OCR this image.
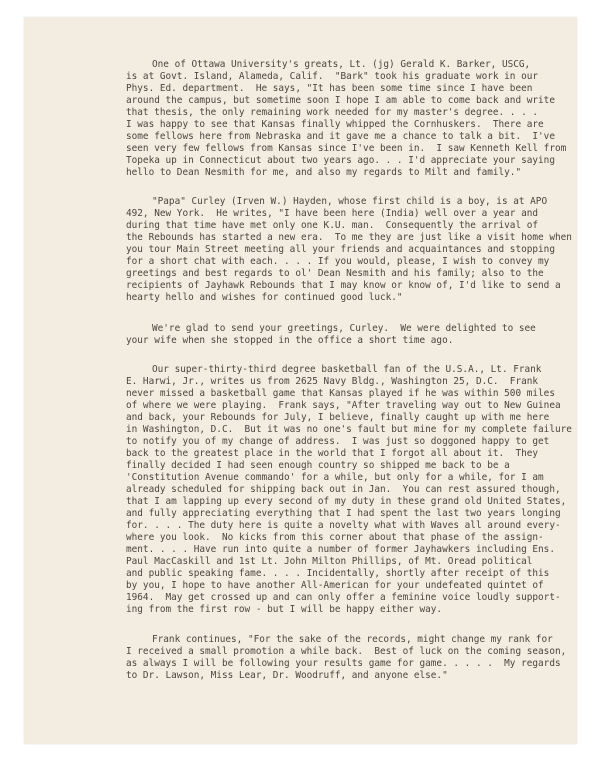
One of Ottawa University's greats, Lt. (jg) Gerald K. Barker, USCG,
is at Govt. Island, Alameda, Calif.  "Bark" took his graduate work in our
Phys. Ed. department.  He says, "It has been some time since I have been
around the campus, but sometime soon I hope I am able to come back and write
that thesis, the only remaining work needed for my master's degree. . . .
I was happy to see that Kansas finally whipped the Cornhuskers.  There are
some fellows here from Nebraska and it gave me a chance to talk a bit.  I've
seen very few fellows from Kansas since I've been in.  I saw Kenneth Kell from
Topeka up in Connecticut about two years ago. . . I'd appreciate your saying
hello to Dean Nesmith for me, and also my regards to Milt and family."
"Papa" Curley (Irven W.) Hayden, whose first child is a boy, is at APO
492, New York.  He writes, "I have been here (India) well over a year and
during that time have met only one K.U. man.  Consequently the arrival of
the Rebounds has started a new era.  To me they are just like a visit home when
you tour Main Street meeting all your friends and acquaintances and stopping
for a short chat with each. . . . If you would, please, I wish to convey my
greetings and best regards to ol' Dean Nesmith and his family; also to the
recipients of Jayhawk Rebounds that I may know or know of, I'd like to send a
hearty hello and wishes for continued good luck."
We're glad to send your greetings, Curley.  We were delighted to see
your wife when she stopped in the office a short time ago.
Our super-thirty-third degree basketball fan of the U.S.A., Lt. Frank
E. Harwi, Jr., writes us from 2625 Navy Bldg., Washington 25, D.C.  Frank
never missed a basketball game that Kansas played if he was within 500 miles
of where we were playing.  Frank says, "After traveling way out to New Guinea
and back, your Rebounds for July, I believe, finally caught up with me here
in Washington, D.C.  But it was no one's fault but mine for my complete failure
to notify you of my change of address.  I was just so doggoned happy to get
back to the greatest place in the world that I forgot all about it.  They
finally decided I had seen enough country so shipped me back to be a
'Constitution Avenue commando' for a while, but only for a while, for I am
already scheduled for shipping back out in Jan.  You can rest assured though,
that I am lapping up every second of my duty in these grand old United States,
and fully appreciating everything that I had spent the last two years longing
for. . . . The duty here is quite a novelty what with Waves all around every-
where you look.  No kicks from this corner about that phase of the assign-
ment. . . . Have run into quite a number of former Jayhawkers including Ens.
Paul MacCaskill and 1st Lt. John Milton Phillips, of Mt. Oread political
and public speaking fame. . . . Incidentally, shortly after receipt of this
by you, I hope to have another All-American for your undefeated quintet of
1964.  May get crossed up and can only offer a feminine voice loudly support-
ing from the first row - but I will be happy either way.
Frank continues, "For the sake of the records, might change my rank for
I received a small promotion a while back.  Best of luck on the coming season,
as always I will be following your results game for game. . . . .  My regards
to Dr. Lawson, Miss Lear, Dr. Woodruff, and anyone else."
